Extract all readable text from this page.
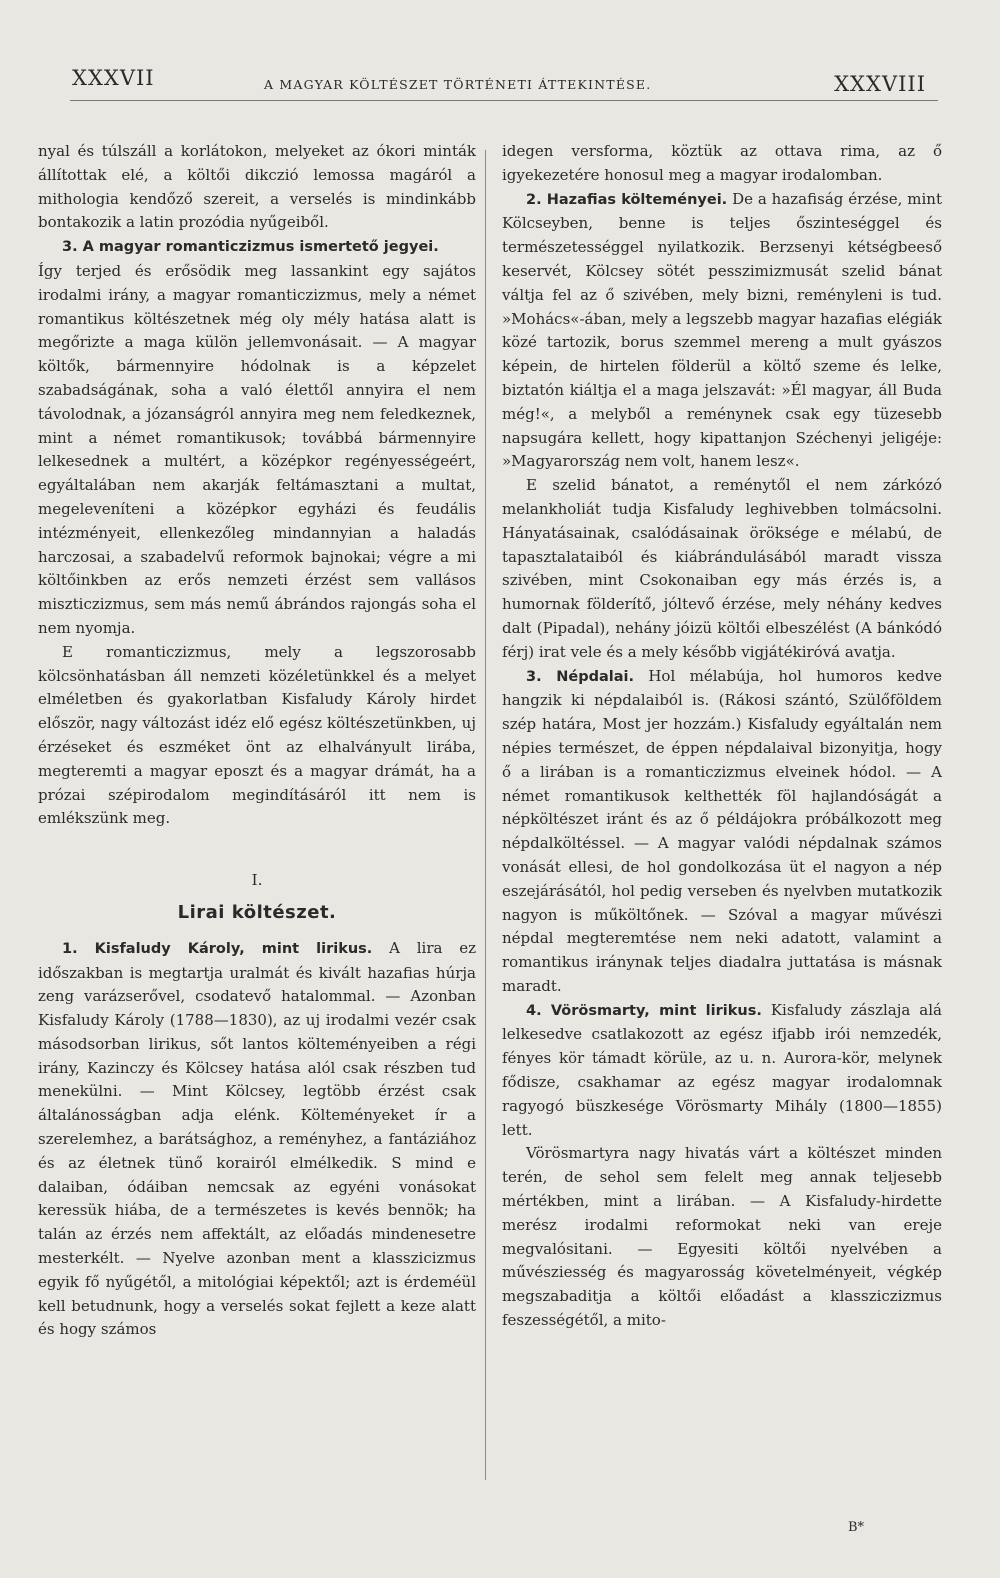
XXXVII	A MAGYAR KÖLTÉSZET TÖRTÉNETI ÁTTEKINTÉSE.	XXXVIII

nyal és túlszáll a korlátokon, melyeket az ókori minták állítottak elé, a költői dikczió lemossa magáról a mithologia kendőző szereit, a verselés is mindinkább bontakozik a latin prozódia nyűgeiből.

3. A magyar romanticzizmus ismertető jegyei.

Így terjed és erősödik meg lassankint egy sajátos irodalmi irány, a magyar romanticzizmus, mely a német romantikus költészetnek még oly mély hatása alatt is megőrizte a maga külön jellemvonásait. — A magyar költők, bármennyire hódolnak is a képzelet szabadságának, soha a való élettől annyira el nem távolodnak, a józanságról annyira meg nem feledkeznek, mint a német romantikusok; továbbá bármennyire lelkesednek a multért, a középkor regényességeért, egyáltalában nem akarják feltámasztani a multat, megeleveníteni a középkor egyházi és feudális intézményeit, ellenkezőleg mindannyian a haladás harczosai, a szabadelvű reformok bajnokai; végre a mi költőinkben az erős nemzeti érzést sem vallásos miszticzizmus, sem más nemű ábrándos rajongás soha el nem nyomja.

E romanticzizmus, mely a legszorosabb kölcsönhatásban áll nemzeti közéletünkkel és a melyet elméletben és gyakorlatban Kisfaludy Károly hirdet először, nagy változást idéz elő egész költészetünkben, uj érzéseket és eszméket önt az elhalványult lirába, megteremti a magyar eposzt és a magyar drámát, ha a prózai szépirodalom megindításáról itt nem is emlékszünk meg.

I.

Lirai költészet.

1. Kisfaludy Károly, mint lirikus. A lira ez időszakban is megtartja uralmát és kivált hazafias húrja zeng varázserővel, csodatevő hatalommal. — Azonban Kisfaludy Károly (1788—1830), az uj irodalmi vezér csak másodsorban lirikus, sőt lantos költeményeiben a régi irány, Kazinczy és Kölcsey hatása alól csak részben tud menekülni. — Mint Kölcsey, legtöbb érzést csak általánosságban adja elénk. Költeményeket ír a szerelemhez, a barátsághoz, a reményhez, a fantáziához és az életnek tünő korairól elmélkedik. S mind e dalaiban, ódáiban nemcsak az egyéni vonásokat keressük hiába, de a természetes is kevés bennök; ha talán az érzés nem affektált, az előadás mindenesetre mesterkélt. — Nyelve azonban ment a klasszicizmus egyik fő nyűgétől, a mitológiai képektől; azt is érdeméül kell betudnunk, hogy a verselés sokat fejlett a keze alatt és hogy számos

idegen versforma, köztük az ottava rima, az ő igyekezetére honosul meg a magyar irodalomban.

2. Hazafias költeményei. De a hazafiság érzése, mint Kölcseyben, benne is teljes őszinteséggel és természetességgel nyilatkozik. Berzsenyi kétségbeeső keservét, Kölcsey sötét pesszimizmusát szelid bánat váltja fel az ő szivében, mely bizni, reményleni is tud. »Mohács«-ában, mely a legszebb magyar hazafias elégiák közé tartozik, borus szemmel mereng a mult gyászos képein, de hirtelen földerül a költő szeme és lelke, biztatón kiáltja el a maga jelszavát: »Él magyar, áll Buda még!«, a melyből a reménynek csak egy tüzesebb napsugára kellett, hogy kipattanjon Széchenyi jeligéje: »Magyarország nem volt, hanem lesz«.

E szelid bánatot, a reménytől el nem zárkózó melankholiát tudja Kisfaludy leghivebben tolmácsolni. Hányatásainak, csalódásainak öröksége e mélabú, de tapasztalataiból és kiábrándulásából maradt vissza szivében, mint Csokonaiban egy más érzés is, a humornak földerítő, jóltevő érzése, mely néhány kedves dalt (Pipadal), nehány jóizü költői elbeszélést (A bánkódó férj) irat vele és a mely később vigjátékiróvá avatja.

3. Népdalai. Hol mélabúja, hol humoros kedve hangzik ki népdalaiból is. (Rákosi szántó, Szülőföldem szép határa, Most jer hozzám.) Kisfaludy egyáltalán nem népies természet, de éppen népdalaival bizonyitja, hogy ő a lirában is a romanticzizmus elveinek hódol. — A német romantikusok kelthették föl hajlandóságát a népköltészet iránt és az ő példájokra próbálkozott meg népdalköltéssel. — A magyar valódi népdalnak számos vonását ellesi, de hol gondolkozása üt el nagyon a nép eszejárásától, hol pedig verseben és nyelvben mutatkozik nagyon is műköltőnek. — Szóval a magyar művészi népdal megteremtése nem neki adatott, valamint a romantikus iránynak teljes diadalra juttatása is másnak maradt.

4. Vörösmarty, mint lirikus. Kisfaludy zászlaja alá lelkesedve csatlakozott az egész ifjabb irói nemzedék, fényes kör támadt körüle, az u. n. Aurora-kör, melynek fődisze, csakhamar az egész magyar irodalomnak ragyogó büszkesége Vörösmarty Mihály (1800—1855) lett.

Vörösmartyra nagy hivatás várt a költészet minden terén, de sehol sem felelt meg annak teljesebb mértékben, mint a lirában. — A Kisfaludy-hirdette merész irodalmi reformokat neki van ereje megvalósitani. — Egyesiti költői nyelvében a művésziesség és magyarosság követelményeit, végkép megszabaditja a költői előadást a klassziczizmus feszességétől, a mito-

B*
